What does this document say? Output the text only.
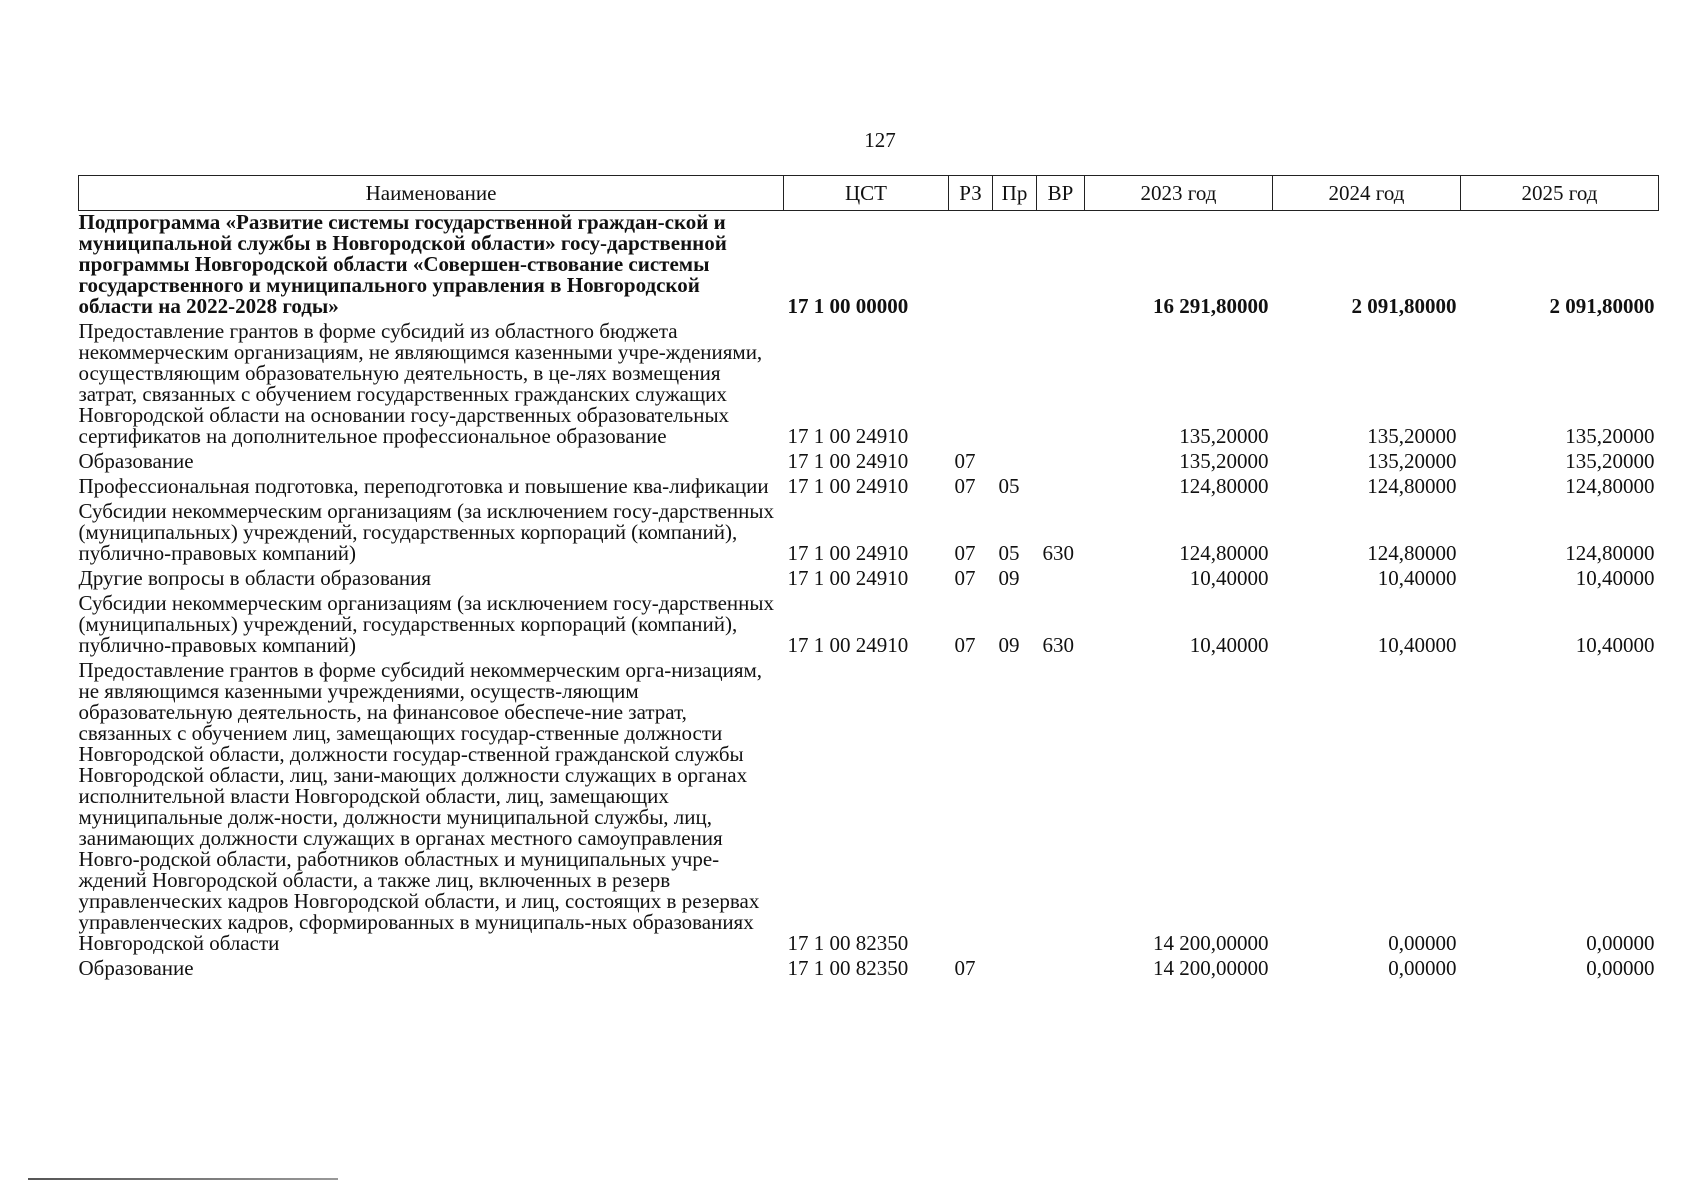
127
Наименование	ЦСТ	РЗ	Пр	ВР	2023 год	2024 год	2025 год
Подпрограмма «Развитие системы государственной граждан-ской и муниципальной службы в Новгородской области» госу-дарственной программы Новгородской области «Совершен-ствование системы государственного и муниципального управления в Новгородской области на 2022-2028 годы»	17 1 00 00000				16 291,80000	2 091,80000	2 091,80000
Предоставление грантов в форме субсидий из областного бюджета некоммерческим организациям, не являющимся казенными учре-ждениями, осуществляющим образовательную деятельность, в це-лях возмещения затрат, связанных с обучением государственных гражданских служащих Новгородской области на основании госу-дарственных образовательных сертификатов на дополнительное профессиональное образование	17 1 00 24910				135,20000	135,20000	135,20000
Образование	17 1 00 24910	07			135,20000	135,20000	135,20000
Профессиональная подготовка, переподготовка и повышение ква-лификации	17 1 00 24910	07	05		124,80000	124,80000	124,80000
Субсидии некоммерческим организациям (за исключением госу-дарственных (муниципальных) учреждений, государственных корпораций (компаний), публично-правовых компаний)	17 1 00 24910	07	05	630	124,80000	124,80000	124,80000
Другие вопросы в области образования	17 1 00 24910	07	09		10,40000	10,40000	10,40000
Субсидии некоммерческим организациям (за исключением госу-дарственных (муниципальных) учреждений, государственных корпораций (компаний), публично-правовых компаний)	17 1 00 24910	07	09	630	10,40000	10,40000	10,40000
Предоставление грантов в форме субсидий некоммерческим орга-низациям, не являющимся казенными учреждениями, осуществ-ляющим образовательную деятельность, на финансовое обеспече-ние затрат, связанных с обучением лиц, замещающих государ-ственные должности Новгородской области, должности государ-ственной гражданской службы Новгородской области, лиц, зани-мающих должности служащих в органах исполнительной власти Новгородской области, лиц, замещающих муниципальные долж-ности, должности муниципальной службы, лиц, занимающих должности служащих в органах местного самоуправления Новго-родской области, работников областных и муниципальных учре-ждений Новгородской области, а также лиц, включенных в резерв управленческих кадров Новгородской области, и лиц, состоящих в резервах управленческих кадров, сформированных в муниципаль-ных образованиях Новгородской области	17 1 00 82350				14 200,00000	0,00000	0,00000
Образование	17 1 00 82350	07			14 200,00000	0,00000	0,00000
